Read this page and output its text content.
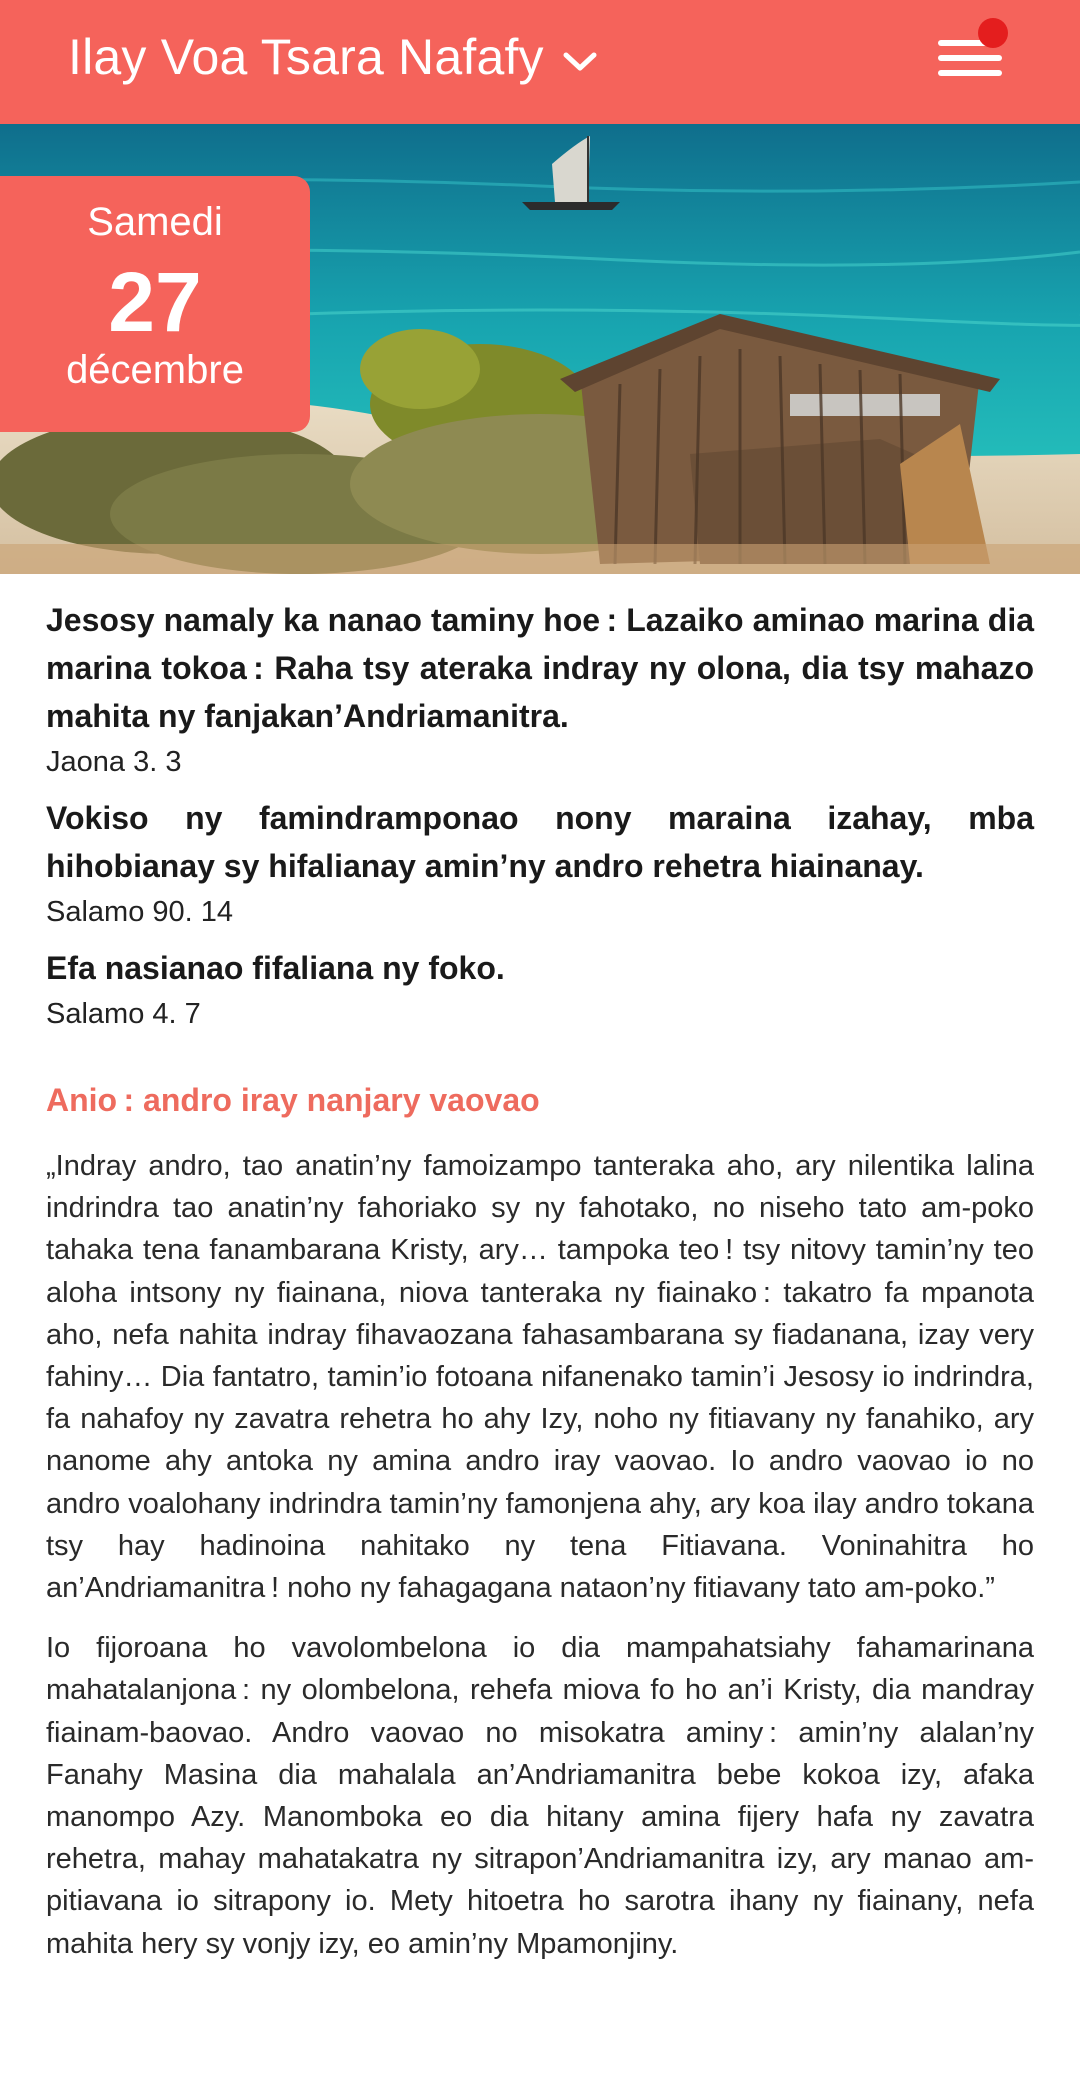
Ilay Voa Tsara Nafafy
Samedi
27
décembre

Jesosy namaly ka nanao taminy hoe : Lazaiko aminao marina dia marina tokoa : Raha tsy ateraka indray ny olona, dia tsy mahazo mahita ny fanjakan’Andriamanitra.

Jaona 3. 3

Vokiso ny famindramponao nony maraina izahay, mba hihobianay sy hifalianay amin’ny andro rehetra hiainanay.

Salamo 90. 14

Efa nasianao fifaliana ny foko.

Salamo 4. 7
Anio : andro iray nanjary vaovao

„Indray andro, tao anatin’ny famoizampo tanteraka aho, ary nilentika lalina indrindra tao anatin’ny fahoriako sy ny fahotako, no niseho tato am-poko tahaka tena fanambarana Kristy, ary… tampoka teo ! tsy nitovy tamin’ny teo aloha intsony ny fiainana, niova tanteraka ny fiainako : takatro fa mpanota aho, nefa nahita indray fihavaozana fahasambarana sy fiadanana, izay very fahiny… Dia fantatro, tamin’io fotoana nifanenako tamin’i Jesosy io indrindra, fa nahafoy ny zavatra rehetra ho ahy Izy, noho ny fitiavany ny fanahiko, ary nanome ahy antoka ny amina andro iray vaovao. Io andro vaovao io no andro voalohany indrindra tamin’ny famonjena ahy, ary koa ilay andro tokana tsy hay hadinoina nahitako ny tena Fitiavana. Voninahitra ho an’Andriamanitra ! noho ny fahagagana nataon’ny fitiavany tato am-poko.”

Io fijoroana ho vavolombelona io dia mampahatsiahy fahamarinana mahatalanjona : ny olombelona, rehefa miova fo ho an’i Kristy, dia mandray fiainam-baovao. Andro vaovao no misokatra aminy : amin’ny alalan’ny Fanahy Masina dia mahalala an’Andriamanitra bebe kokoa izy, afaka manompo Azy. Manomboka eo dia hitany amina fijery hafa ny zavatra rehetra, mahay mahatakatra ny sitrapon’Andriamanitra izy, ary manao am-pitiavana io sitrapony io. Mety hitoetra ho sarotra ihany ny fiainany, nefa mahita hery sy vonjy izy, eo amin’ny Mpamonjiny.
